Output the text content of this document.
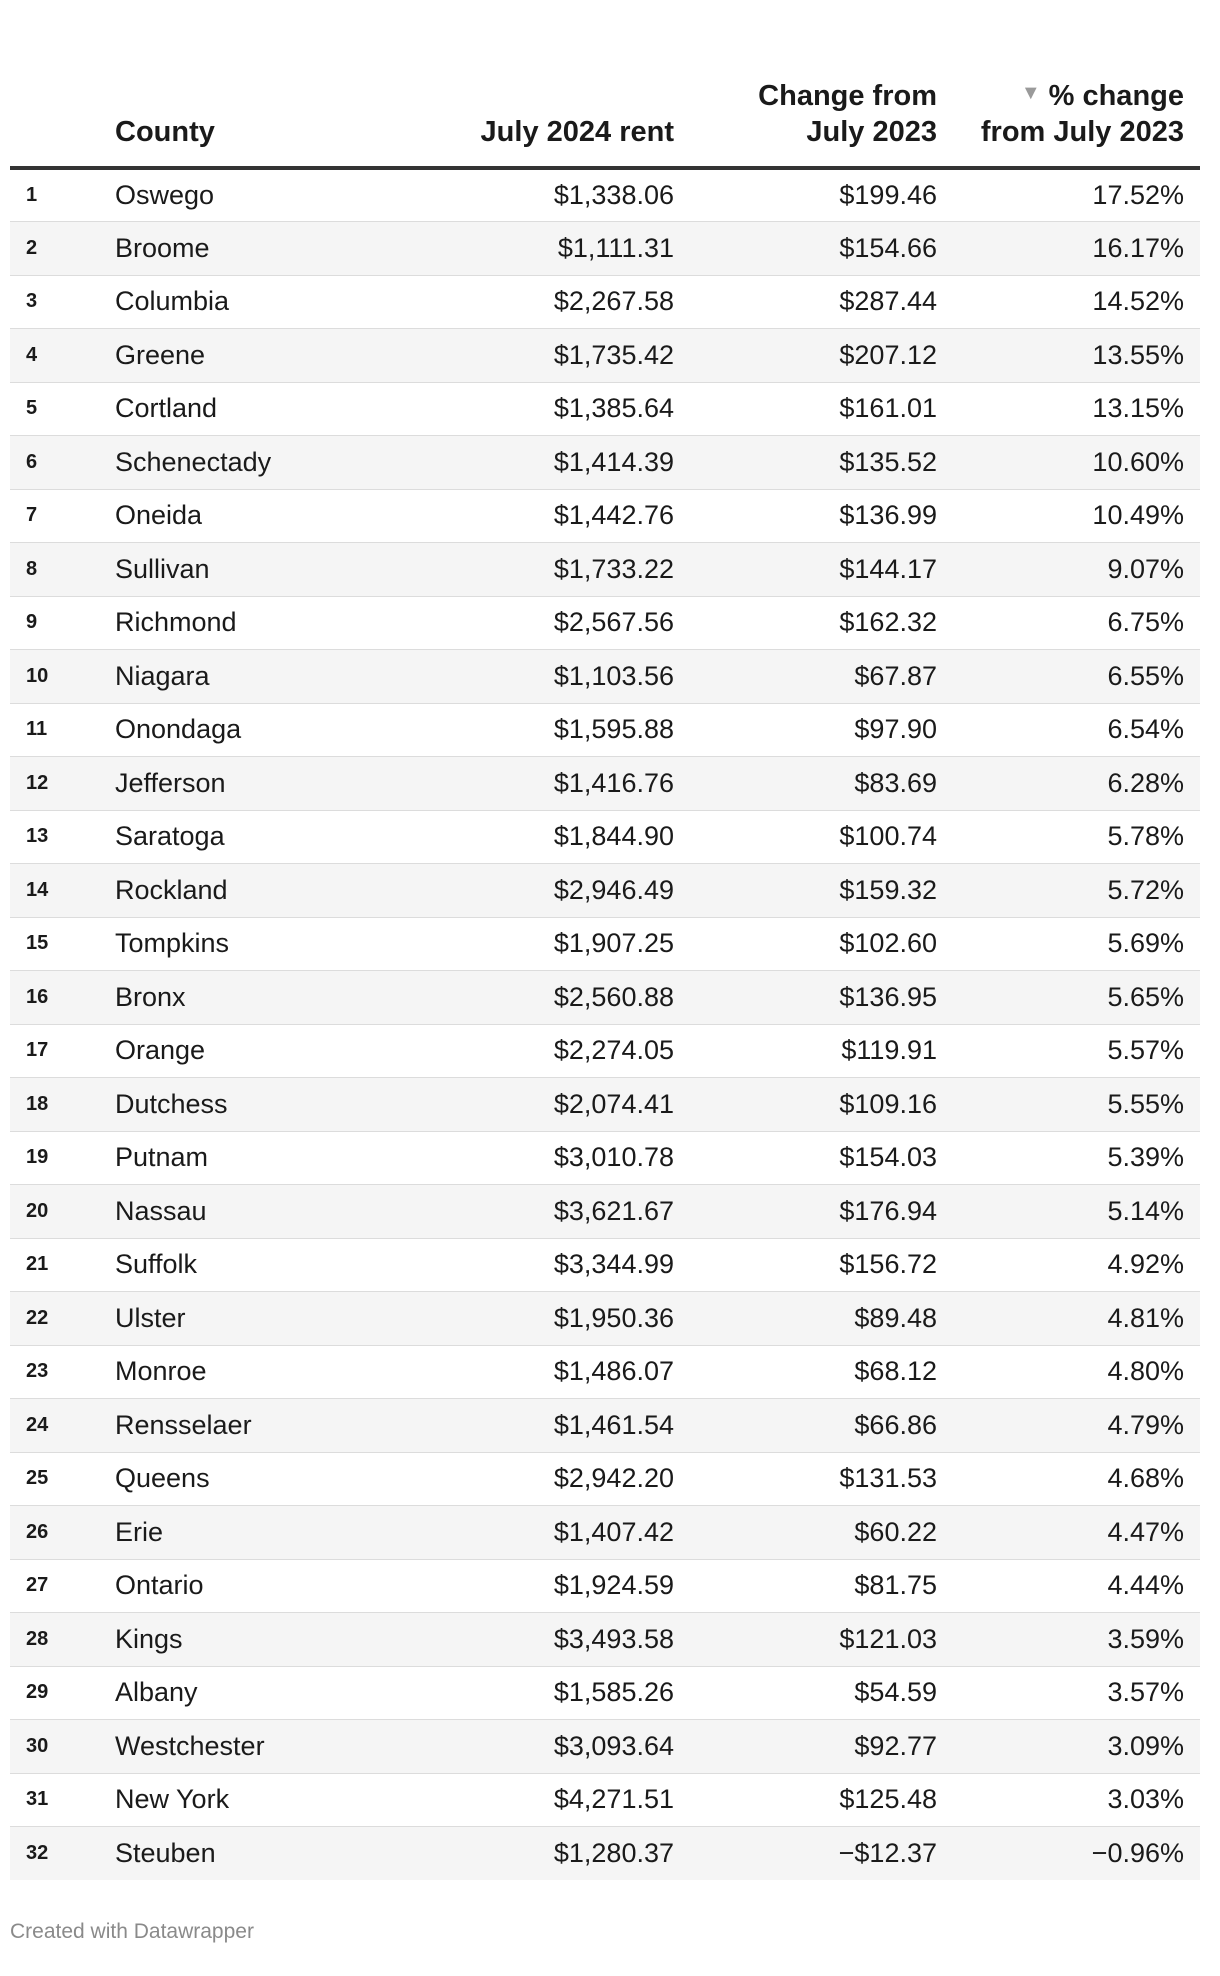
	County	July 2024 rent	Change from July 2023	▼ % change from July 2023
1	Oswego	$1,338.06	$199.46	17.52%
2	Broome	$1,111.31	$154.66	16.17%
3	Columbia	$2,267.58	$287.44	14.52%
4	Greene	$1,735.42	$207.12	13.55%
5	Cortland	$1,385.64	$161.01	13.15%
6	Schenectady	$1,414.39	$135.52	10.60%
7	Oneida	$1,442.76	$136.99	10.49%
8	Sullivan	$1,733.22	$144.17	9.07%
9	Richmond	$2,567.56	$162.32	6.75%
10	Niagara	$1,103.56	$67.87	6.55%
11	Onondaga	$1,595.88	$97.90	6.54%
12	Jefferson	$1,416.76	$83.69	6.28%
13	Saratoga	$1,844.90	$100.74	5.78%
14	Rockland	$2,946.49	$159.32	5.72%
15	Tompkins	$1,907.25	$102.60	5.69%
16	Bronx	$2,560.88	$136.95	5.65%
17	Orange	$2,274.05	$119.91	5.57%
18	Dutchess	$2,074.41	$109.16	5.55%
19	Putnam	$3,010.78	$154.03	5.39%
20	Nassau	$3,621.67	$176.94	5.14%
21	Suffolk	$3,344.99	$156.72	4.92%
22	Ulster	$1,950.36	$89.48	4.81%
23	Monroe	$1,486.07	$68.12	4.80%
24	Rensselaer	$1,461.54	$66.86	4.79%
25	Queens	$2,942.20	$131.53	4.68%
26	Erie	$1,407.42	$60.22	4.47%
27	Ontario	$1,924.59	$81.75	4.44%
28	Kings	$3,493.58	$121.03	3.59%
29	Albany	$1,585.26	$54.59	3.57%
30	Westchester	$3,093.64	$92.77	3.09%
31	New York	$4,271.51	$125.48	3.03%
32	Steuben	$1,280.37	−$12.37	−0.96%
Created with Datawrapper
